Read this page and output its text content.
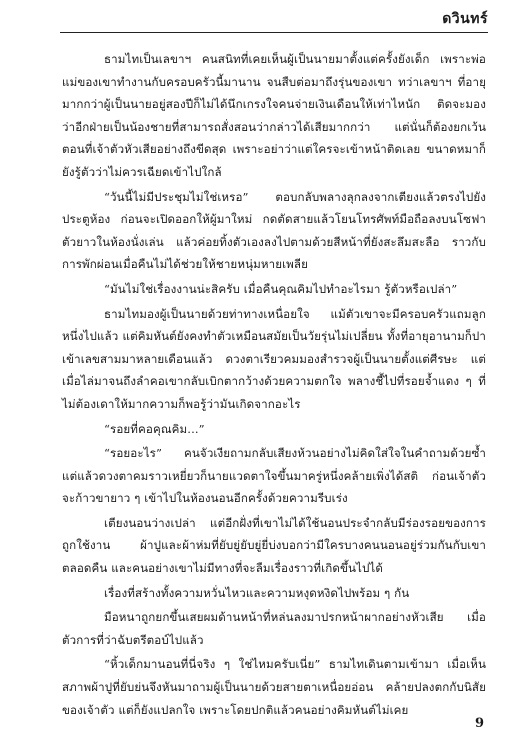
ดวินทร์

ธามไทเป็นเลขาฯ คนสนิทที่เคยเห็นผู้เป็นนายมาตั้งแต่ครั้งยังเด็ก เพราะพ่อแม่ของเขาทำงานกับครอบครัวนี้มานาน จนสืบต่อมาถึงรุ่นของเขา ทว่าเลขาฯ ที่อายุมากกว่าผู้เป็นนายอยู่สองปีก็ไม่ได้นึกเกรงใจคนจ่ายเงินเดือนให้เท่าไหนัก ติดจะมองว่าอีกฝ่ายเป็นน้องชายที่สามารถสั่งสอนว่ากล่าวได้เสียมากกว่า แต่นั่นก็ต้องยกเว้นตอนที่เจ้าตัวหัวเสียอย่างถึงขีดสุด เพราะอย่าว่าแต่ใครจะเข้าหน้าติดเลย ขนาดหมาก็ยังรู้ตัวว่าไม่ควรเฉียดเข้าไปใกล้

“วันนี้ไม่มีประชุมไม่ใช่เหรอ” ตอบกลับพลางลุกลงจากเตียงแล้วตรงไปยังประตูห้อง ก่อนจะเปิดออกให้ผู้มาใหม่ กดตัดสายแล้วโยนโทรศัพท์มือถือลงบนโซฟาตัวยาวในห้องนั่งเล่น แล้วค่อยทิ้งตัวเองลงไปตามด้วยสีหน้าที่ยังสะลึมสะลือ ราวกับการพักผ่อนเมื่อคืนไม่ได้ช่วยให้ชายหนุ่มหายเพลีย

“มันไม่ใช่เรื่องงานน่ะสิครับ เมื่อคืนคุณคิมไปทำอะไรมา รู้ตัวหรือเปล่า”

ธามไทมองผู้เป็นนายด้วยท่าทางเหนื่อยใจ แม้ตัวเขาจะมีครอบครัวแถมลูกหนึ่งไปแล้ว แต่คิมหันต์ยังคงทำตัวเหมือนสมัยเป็นวัยรุ่นไม่เปลี่ยน ทั้งที่อายุอานามก็ปาเข้าเลขสามมาหลายเดือนแล้ว ดวงตาเรียวคมมองสำรวจผู้เป็นนายตั้งแต่ศีรษะ แต่เมื่อไล่มาจนถึงลำคอเขากลับเบิกตากว้างด้วยความตกใจ พลางชี้ไปที่รอยจ้ำแดง ๆ ที่ไม่ต้องเดาให้มากความก็พอรู้ว่ามันเกิดจากอะไร

“รอยที่คอคุณคิม...”

“รอยอะไร” คนจัวเงียถามกลับเสียงห้วนอย่างไม่คิดใส่ใจในคำถามด้วยซ้ำ แต่แล้วดวงตาคมราวเหยี่ยวก็นายแวดตาใจขึ้นมาครู่หนึ่งคล้ายเพิ่งได้สติ ก่อนเจ้าตัวจะก้าวขายาว ๆ เข้าไปในห้องนอนอีกครั้งด้วยความรีบเร่ง

เตียงนอนว่างเปล่า แต่อีกฝั่งที่เขาไม่ได้ใช้นอนประจำกลับมีร่องรอยของการถูกใช้งาน ผ้าปูและผ้าห่มที่ยับยู่ยับยู่ยี่บ่งบอกว่ามีใครบางคนนอนอยู่ร่วมกันกับเขาตลอดคืน และคนอย่างเขาไม่มีทางที่จะลืมเรื่องราวที่เกิดขึ้นไปได้

เรื่องที่สร้างทั้งความหวั่นไหวและความหงุดหงิดไปพร้อม ๆ กัน

มือหนาถูกยกขึ้นเสยผมด้านหน้าที่หล่นลงมาปรกหน้าผากอย่างหัวเสีย เมื่อตัวการที่ว่าฉับตรีตอบ์ไปแล้ว

“หิ้วเด็กมานอนที่นี่จริง ๆ ใช่ไหมครับเนี่ย” ธามไทเดินตามเข้ามา เมื่อเห็นสภาพผ้าปูที่ยับย่นจึงหันมาถามผู้เป็นนายด้วยสายตาเหนื่อยอ่อน คล้ายปลงตกกับนิสัยของเจ้าตัว แต่ก็ยังแปลกใจ เพราะโดยปกติแล้วคนอย่างคิมหันต์ไม่เคย

9
